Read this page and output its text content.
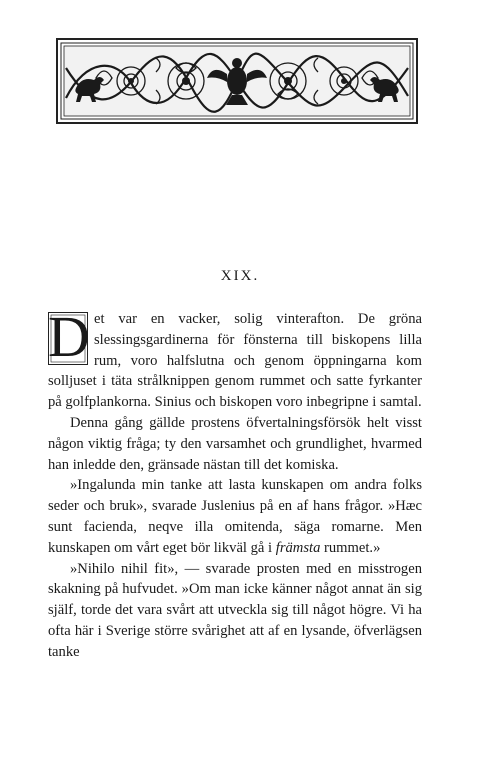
XIX.

D et var en vacker, solig vinterafton. De gröna slessingsgardinerna för fönsterna till biskopens lilla rum, voro halfslutna och genom öppningarna kom solljuset i täta strålknippen genom rummet och satte fyrkanter på golfplankorna. Sinius och biskopen voro inbegripne i samtal.

Denna gång gällde prostens öfvertalningsförsök helt visst någon viktig fråga; ty den varsamhet och grundlighet, hvarmed han inledde den, gränsade nästan till det komiska.

»Ingalunda min tanke att lasta kunskapen om andra folks seder och bruk», svarade Juslenius på en af hans frågor. »Hæc sunt facienda, neqve illa omitenda, säga romarne. Men kunskapen om vårt eget bör likväl gå i främsta rummet.»

»Nihilo nihil fit», — svarade prosten med en misstrogen skakning på hufvudet. »Om man icke känner något annat än sig själf, torde det vara svårt att utveckla sig till något högre. Vi ha ofta här i Sverige större svårighet att af en lysande, öfverlägsen tanke
